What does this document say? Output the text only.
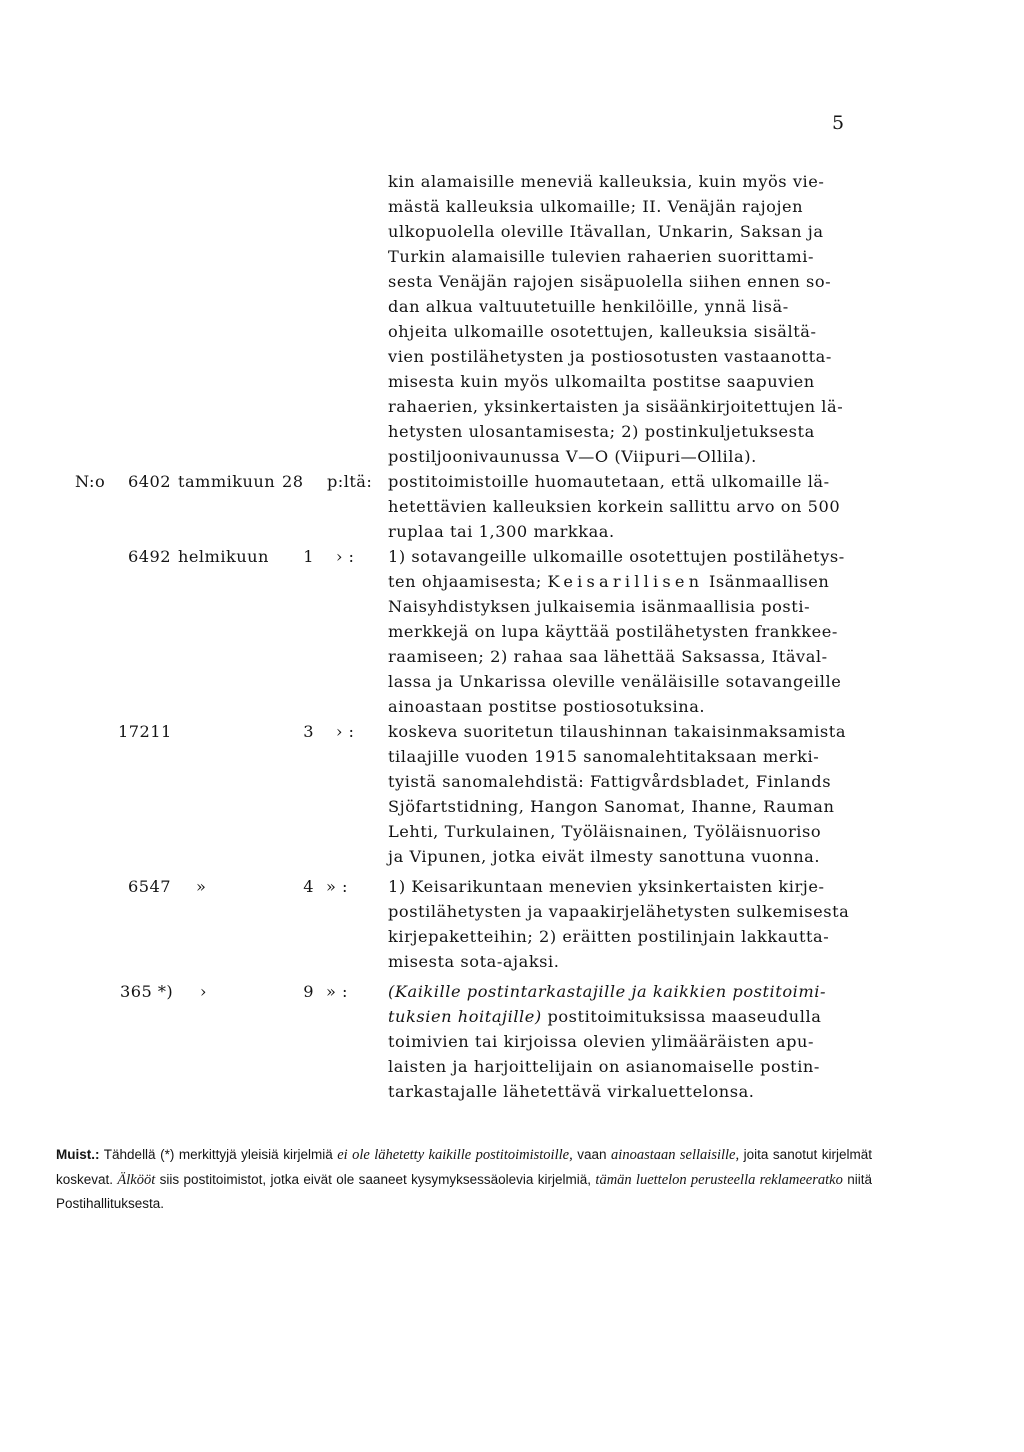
5
kin alamaisille meneviä kalleuksia, kuin myös vie-
mästä kalleuksia ulkomaille; II. Venäjän rajojen
ulkopuolella oleville Itävallan, Unkarin, Saksan ja
Turkin alamaisille tulevien rahaerien suorittami-
sesta Venäjän rajojen sisäpuolella siihen ennen so-
dan alkua valtuutetuille henkilöille, ynnä lisä-
ohjeita ulkomaille osotettujen, kalleuksia sisältä-
vien postilähetysten ja postiosotusten vastaanotta-
misesta kuin myös ulkomailta postitse saapuvien
rahaerien, yksinkertaisten ja sisäänkirjoitettujen lä-
hetysten ulosantamisesta; 2) postinkuljetuksesta
postiljoonivaunussa V—O (Viipuri—Ollila).
N:o 6402 tammikuun 28 p:ltä: postitoimistoille huomautetaan, että ulkomaille lä-
hetettävien kalleuksien korkein sallittu arvo on 500
ruplaa tai 1,300 markkaa.
6492 helmikuun	1 › : 1) sotavangeille ulkomaille osotettujen postilähetys-
ten ohjaamisesta; Keisarillisen Isänmaallisen
Naisyhdistyksen julkaisemia isänmaallisia posti-
merkkejä on lupa käyttää postilähetysten frankkee-
raamiseen; 2) rahaa saa lähettää Saksassa, Itäval-
lassa ja Unkarissa oleville venäläisille sotavangeille
ainoastaan postitse postiosotuksina.
17211	3 › : koskeva suoritetun tilaushinnan takaisinmaksamista
tilaajille vuoden 1915 sanomalehtitaksaan merki-
tyistä sanomalehdistä: Fattigvårdsbladet, Finlands
Sjöfartstidning, Hangon Sanomat, Ihanne, Rauman
Lehti, Turkulainen, Työläisnainen, Työläisnuoriso
ja Vipunen, jotka eivät ilmesty sanottuna vuonna.
6547 »	4 » : 1) Keisarikuntaan menevien yksinkertaisten kirje-
postilähetysten ja vapaakirjelähetysten sulkemisesta
kirjepaketteihin; 2) eräitten postilinjain lakkautta-
misesta sota-ajaksi.
365 *) ›	9 » : (Kaikille postintarkastajille ja kaikkien postitoimi-
tuksien hoitajille) postitoimituksissa maaseudulla
toimivien tai kirjoissa olevien ylimääräisten apu-
laisten ja harjoittelijain on asianomaiselle postin-
tarkastajalle lähetettävä virkaluettelonsa.
Muist.: Tähdellä (*) merkittyjä yleisiä kirjelmiä ei ole lähetetty kaikille postitoimistoille, vaan ainoastaan sellaisille, joita sanotut kirjelmät koskevat. Älkööt siis postitoimistot, jotka eivät ole saaneet kysymyksessäolevia kirjelmiä, tämän luettelon perusteella reklameeratko niitä Postihallituksesta.
